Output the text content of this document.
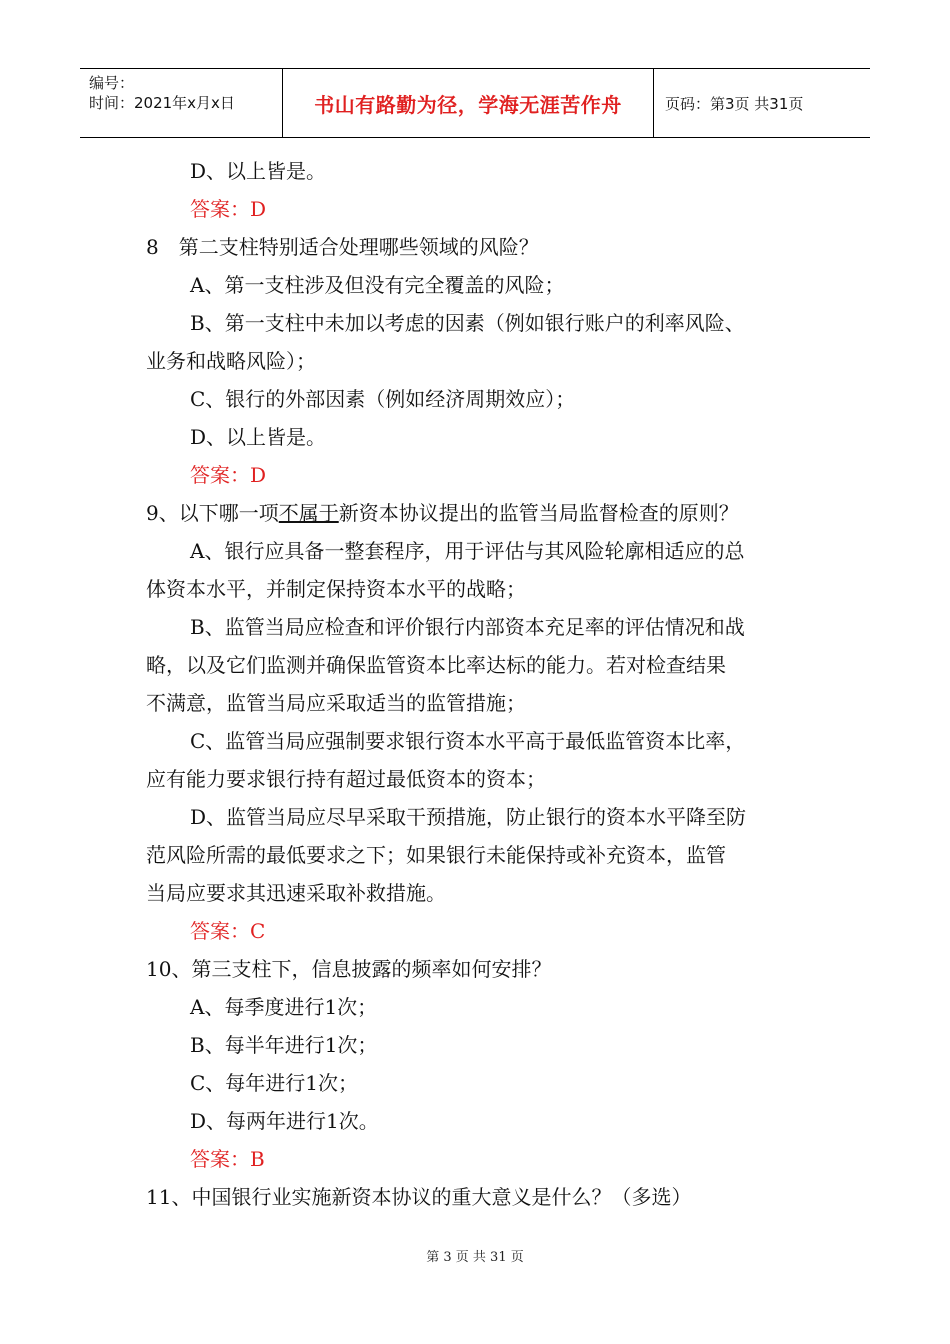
编号：
时间：2021年x月x日	书山有路勤为径，学海无涯苦作舟	页码：第3页 共31页
D、以上皆是。
答案：D
8　第二支柱特别适合处理哪些领域的风险？
A、第一支柱涉及但没有完全覆盖的风险；
B、第一支柱中未加以考虑的因素（例如银行账户的利率风险、
业务和战略风险）；
C、银行的外部因素（例如经济周期效应）；
D、以上皆是。
答案：D
9、以下哪一项不属于新资本协议提出的监管当局监督检查的原则？
A、银行应具备一整套程序，用于评估与其风险轮廓相适应的总
体资本水平，并制定保持资本水平的战略；
B、监管当局应检查和评价银行内部资本充足率的评估情况和战
略，以及它们监测并确保监管资本比率达标的能力。若对检查结果
不满意，监管当局应采取适当的监管措施；
C、监管当局应强制要求银行资本水平高于最低监管资本比率，
应有能力要求银行持有超过最低资本的资本；
D、监管当局应尽早采取干预措施，防止银行的资本水平降至防
范风险所需的最低要求之下；如果银行未能保持或补充资本，监管
当局应要求其迅速采取补救措施。
答案：C
10、第三支柱下，信息披露的频率如何安排？
A、每季度进行1次；
B、每半年进行1次；
C、每年进行1次；
D、每两年进行1次。
答案：B
11、中国银行业实施新资本协议的重大意义是什么？（多选）
第 3 页 共 31 页
